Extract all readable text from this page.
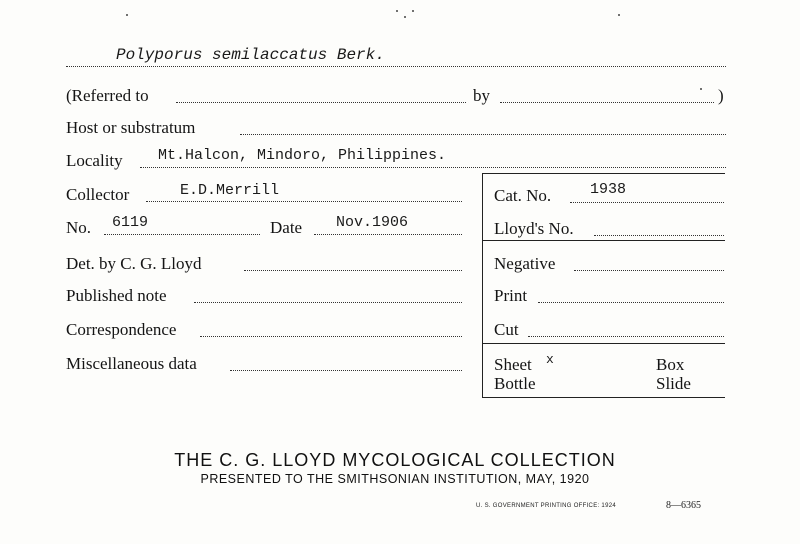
Polyporus semilaccatus Berk.
(Referred to	by	)
Host or substratum
Locality Mt.Halcon, Mindoro, Philippines.
Collector	E.D.Merrill
No. 6119	Date Nov.1906
Det. by C. G. Lloyd
Published note
Correspondence
Miscellaneous data
Cat. No.	1938
Lloyd's No.
Negative
Print
Cut
Sheet x	Box
Bottle	Slide
THE C. G. LLOYD MYCOLOGICAL COLLECTION
PRESENTED TO THE SMITHSONIAN INSTITUTION, MAY, 1920
U. S. GOVERNMENT PRINTING OFFICE: 1924	8—6365
